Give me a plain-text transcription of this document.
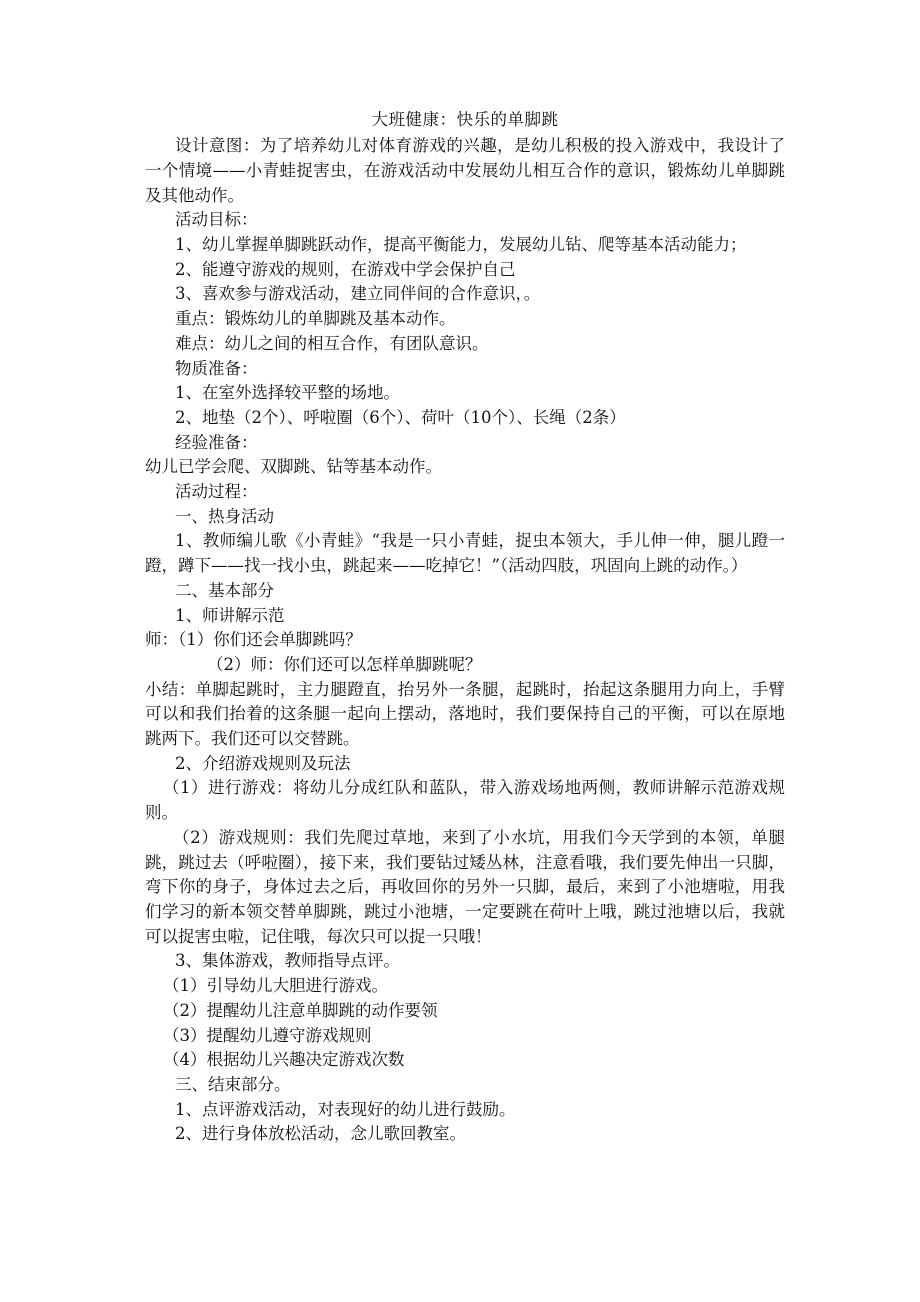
大班健康：快乐的单脚跳

设计意图：为了培养幼儿对体育游戏的兴趣，是幼儿积极的投入游戏中，我设计了一个情境——小青蛙捉害虫，在游戏活动中发展幼儿相互合作的意识，锻炼幼儿单脚跳及其他动作。

活动目标：

1、幼儿掌握单脚跳跃动作，提高平衡能力，发展幼儿钻、爬等基本活动能力；

2、能遵守游戏的规则，在游戏中学会保护自己

3、喜欢参与游戏活动，建立同伴间的合作意识，。

重点：锻炼幼儿的单脚跳及基本动作。

难点：幼儿之间的相互合作，有团队意识。

物质准备：

1、在室外选择较平整的场地。

2、地垫（2个）、呼啦圈（6个）、荷叶（10个）、长绳（2条）

经验准备：

幼儿已学会爬、双脚跳、钻等基本动作。

活动过程：

一、热身活动

1、教师编儿歌《小青蛙》“我是一只小青蛙，捉虫本领大，手儿伸一伸，腿儿蹬一蹬，蹲下——找一找小虫，跳起来——吃掉它！”（活动四肢，巩固向上跳的动作。）

二、基本部分

1、师讲解示范

师：（1）你们还会单脚跳吗？

（2）师：你们还可以怎样单脚跳呢？

小结：单脚起跳时，主力腿蹬直，抬另外一条腿，起跳时，抬起这条腿用力向上，手臂可以和我们抬着的这条腿一起向上摆动，落地时，我们要保持自己的平衡，可以在原地跳两下。我们还可以交替跳。

2、介绍游戏规则及玩法

（1）进行游戏：将幼儿分成红队和蓝队，带入游戏场地两侧，教师讲解示范游戏规则。

（2）游戏规则：我们先爬过草地，来到了小水坑，用我们今天学到的本领，单腿跳，跳过去（呼啦圈），接下来，我们要钻过矮丛林，注意看哦，我们要先伸出一只脚，弯下你的身子，身体过去之后，再收回你的另外一只脚，最后，来到了小池塘啦，用我们学习的新本领交替单脚跳，跳过小池塘，一定要跳在荷叶上哦，跳过池塘以后，我就可以捉害虫啦，记住哦，每次只可以捉一只哦！

3、集体游戏，教师指导点评。

（1）引导幼儿大胆进行游戏。

（2）提醒幼儿注意单脚跳的动作要领

（3）提醒幼儿遵守游戏规则

（4）根据幼儿兴趣决定游戏次数

三、结束部分。

1、点评游戏活动，对表现好的幼儿进行鼓励。

2、进行身体放松活动，念儿歌回教室。
